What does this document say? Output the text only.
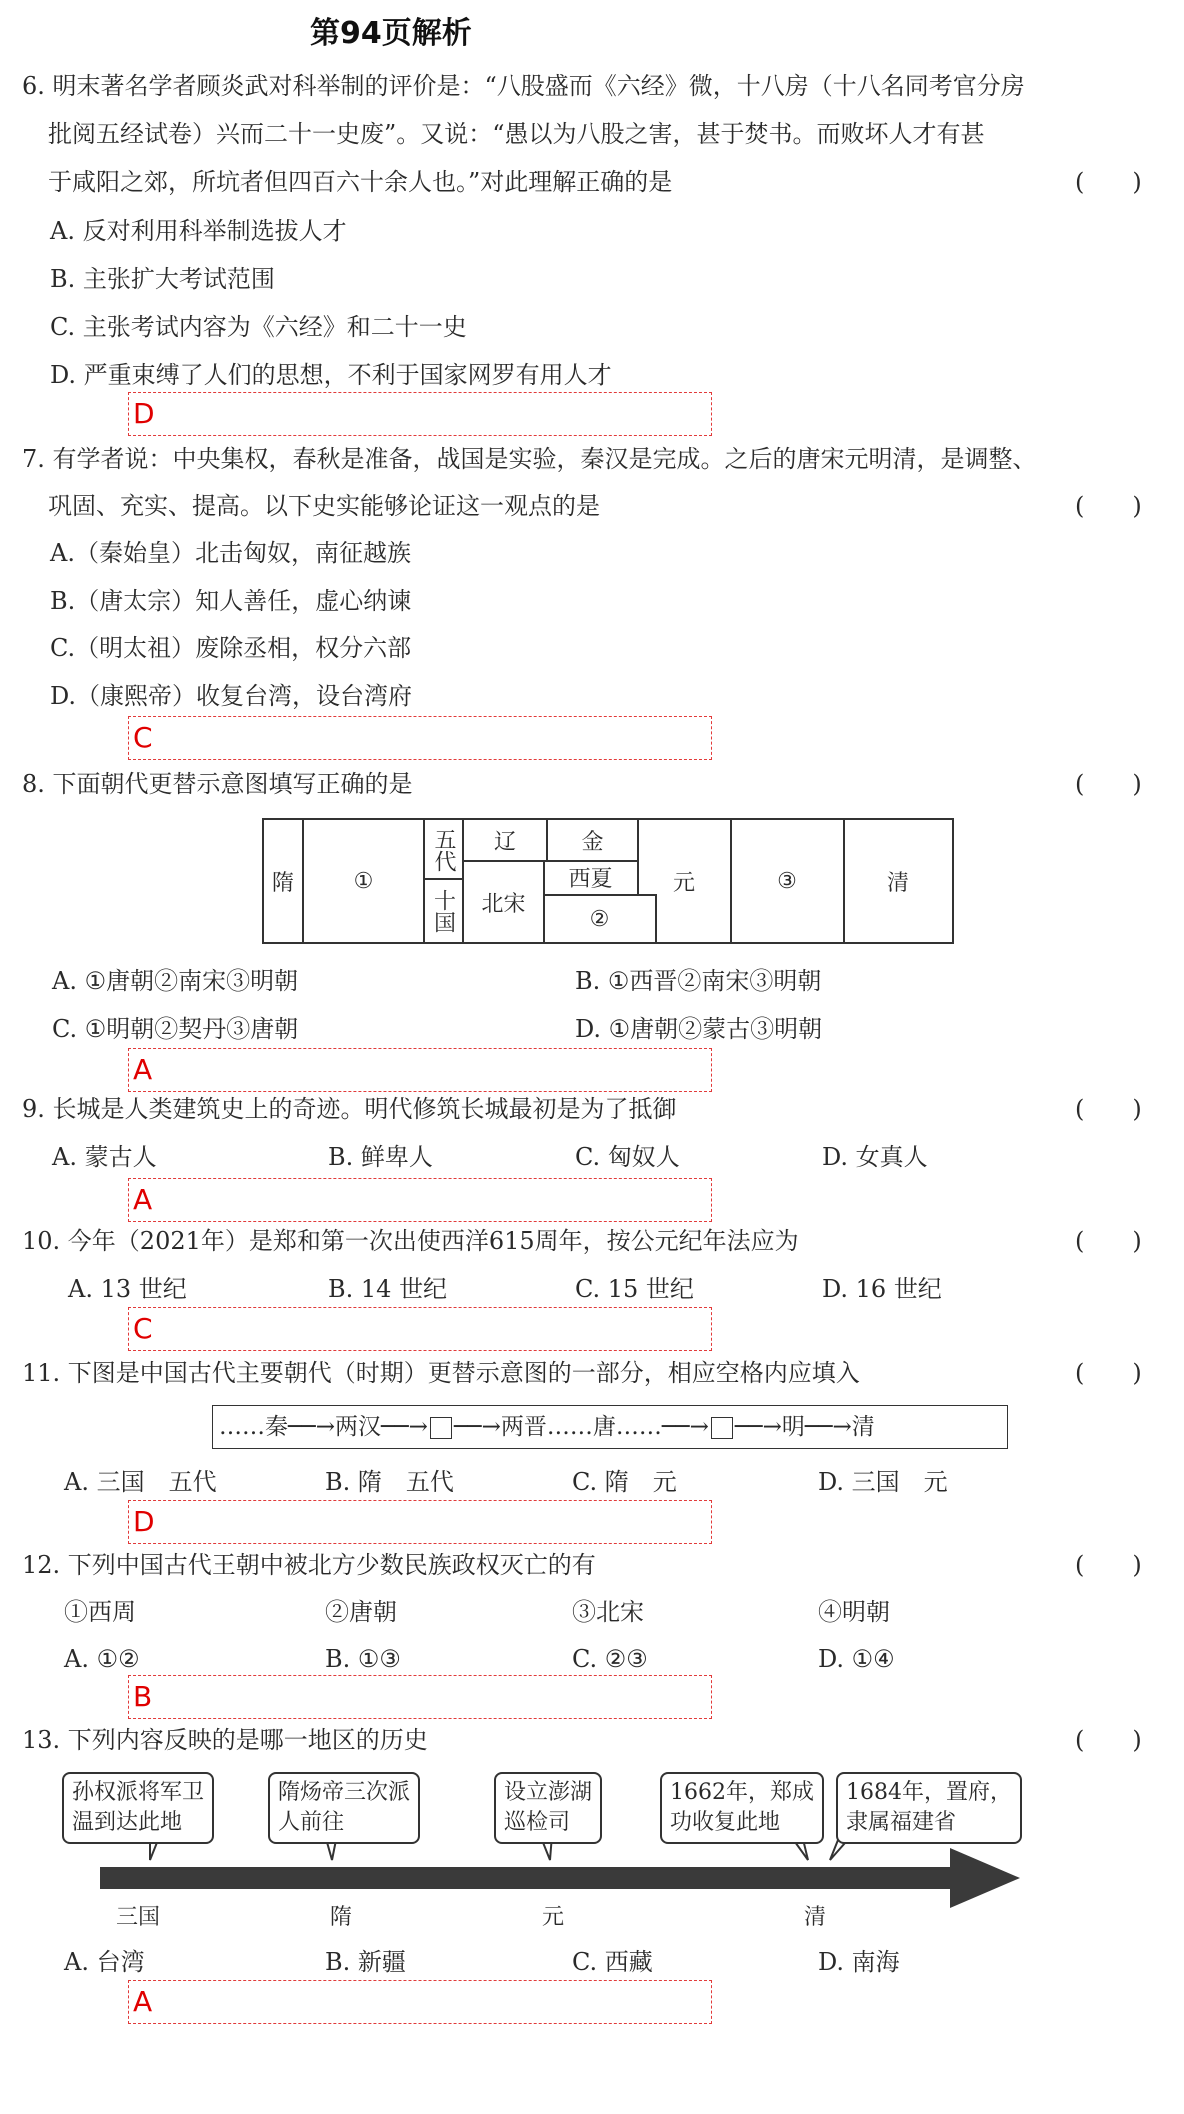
第94页解析
6. 明末著名学者顾炎武对科举制的评价是：“八股盛而《六经》微，十八房（十八名同考官分房
批阅五经试卷）兴而二十一史废”。又说：“愚以为八股之害，甚于焚书。而败坏人才有甚
于咸阳之郊，所坑者但四百六十余人也。”对此理解正确的是	(　　)
A. 反对利用科举制选拔人才
B. 主张扩大考试范围
C. 主张考试内容为《六经》和二十一史
D. 严重束缚了人们的思想，不利于国家网罗有用人才
D
7. 有学者说：中央集权，春秋是准备，战国是实验，秦汉是完成。之后的唐宋元明清，是调整、
巩固、充实、提高。以下史实能够论证这一观点的是	(　　)
A.（秦始皇）北击匈奴，南征越族
B.（唐太宗）知人善任，虚心纳谏
C.（明太祖）废除丞相，权分六部
D.（康熙帝）收复台湾，设台湾府
C
8. 下面朝代更替示意图填写正确的是	(　　)
隋	①
五代
十国
辽	金
西夏
北宋
②
元	③	清
A. ①唐朝②南宋③明朝	B. ①西晋②南宋③明朝
C. ①明朝②契丹③唐朝	D. ①唐朝②蒙古③明朝
A
9. 长城是人类建筑史上的奇迹。明代修筑长城最初是为了抵御	(　　)
A. 蒙古人	B. 鲜卑人	C. 匈奴人	D. 女真人
A
10. 今年（2021年）是郑和第一次出使西洋615周年，按公元纪年法应为	(　　)
A. 13 世纪	B. 14 世纪	C. 15 世纪	D. 16 世纪
C
11. 下图是中国古代主要朝代（时期）更替示意图的一部分，相应空格内应填入	(　　)
……秦──→两汉──→ ──→两晋……唐……──→ ──→明──→清
A. 三国　五代	B. 隋　五代	C. 隋　元	D. 三国　元
D
12. 下列中国古代王朝中被北方少数民族政权灭亡的有	(　　)
①西周	②唐朝	③北宋	④明朝
A. ①②	B. ①③	C. ②③	D. ①④
B
13. 下列内容反映的是哪一地区的历史	(　　)
孙权派将军卫
温到达此地
隋炀帝三次派
人前往
设立澎湖
巡检司
1662年，郑成
功收复此地
1684年，置府，
隶属福建省
三国	隋	元	清
A. 台湾	B. 新疆	C. 西藏	D. 南海
A
